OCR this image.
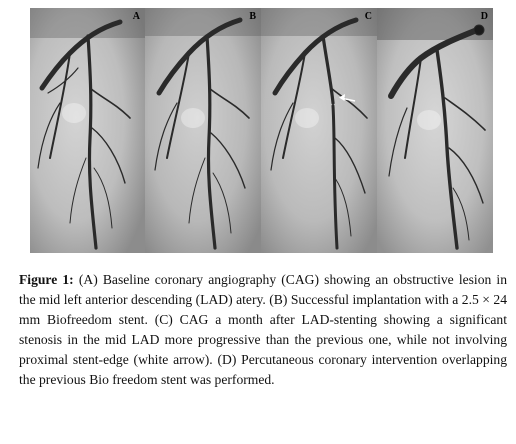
A	B	C	D

Figure 1: (A) Baseline coronary angiography (CAG) showing an obstructive lesion in the mid left anterior descending (LAD) atery. (B) Successful implantation with a 2.5 × 24 mm Biofreedom stent. (C) CAG a month after LAD-stenting showing a significant stenosis in the mid LAD more progressive than the previous one, while not involving proximal stent-edge (white arrow). (D) Percutaneous coronary intervention overlapping the previous Bio freedom stent was performed.
